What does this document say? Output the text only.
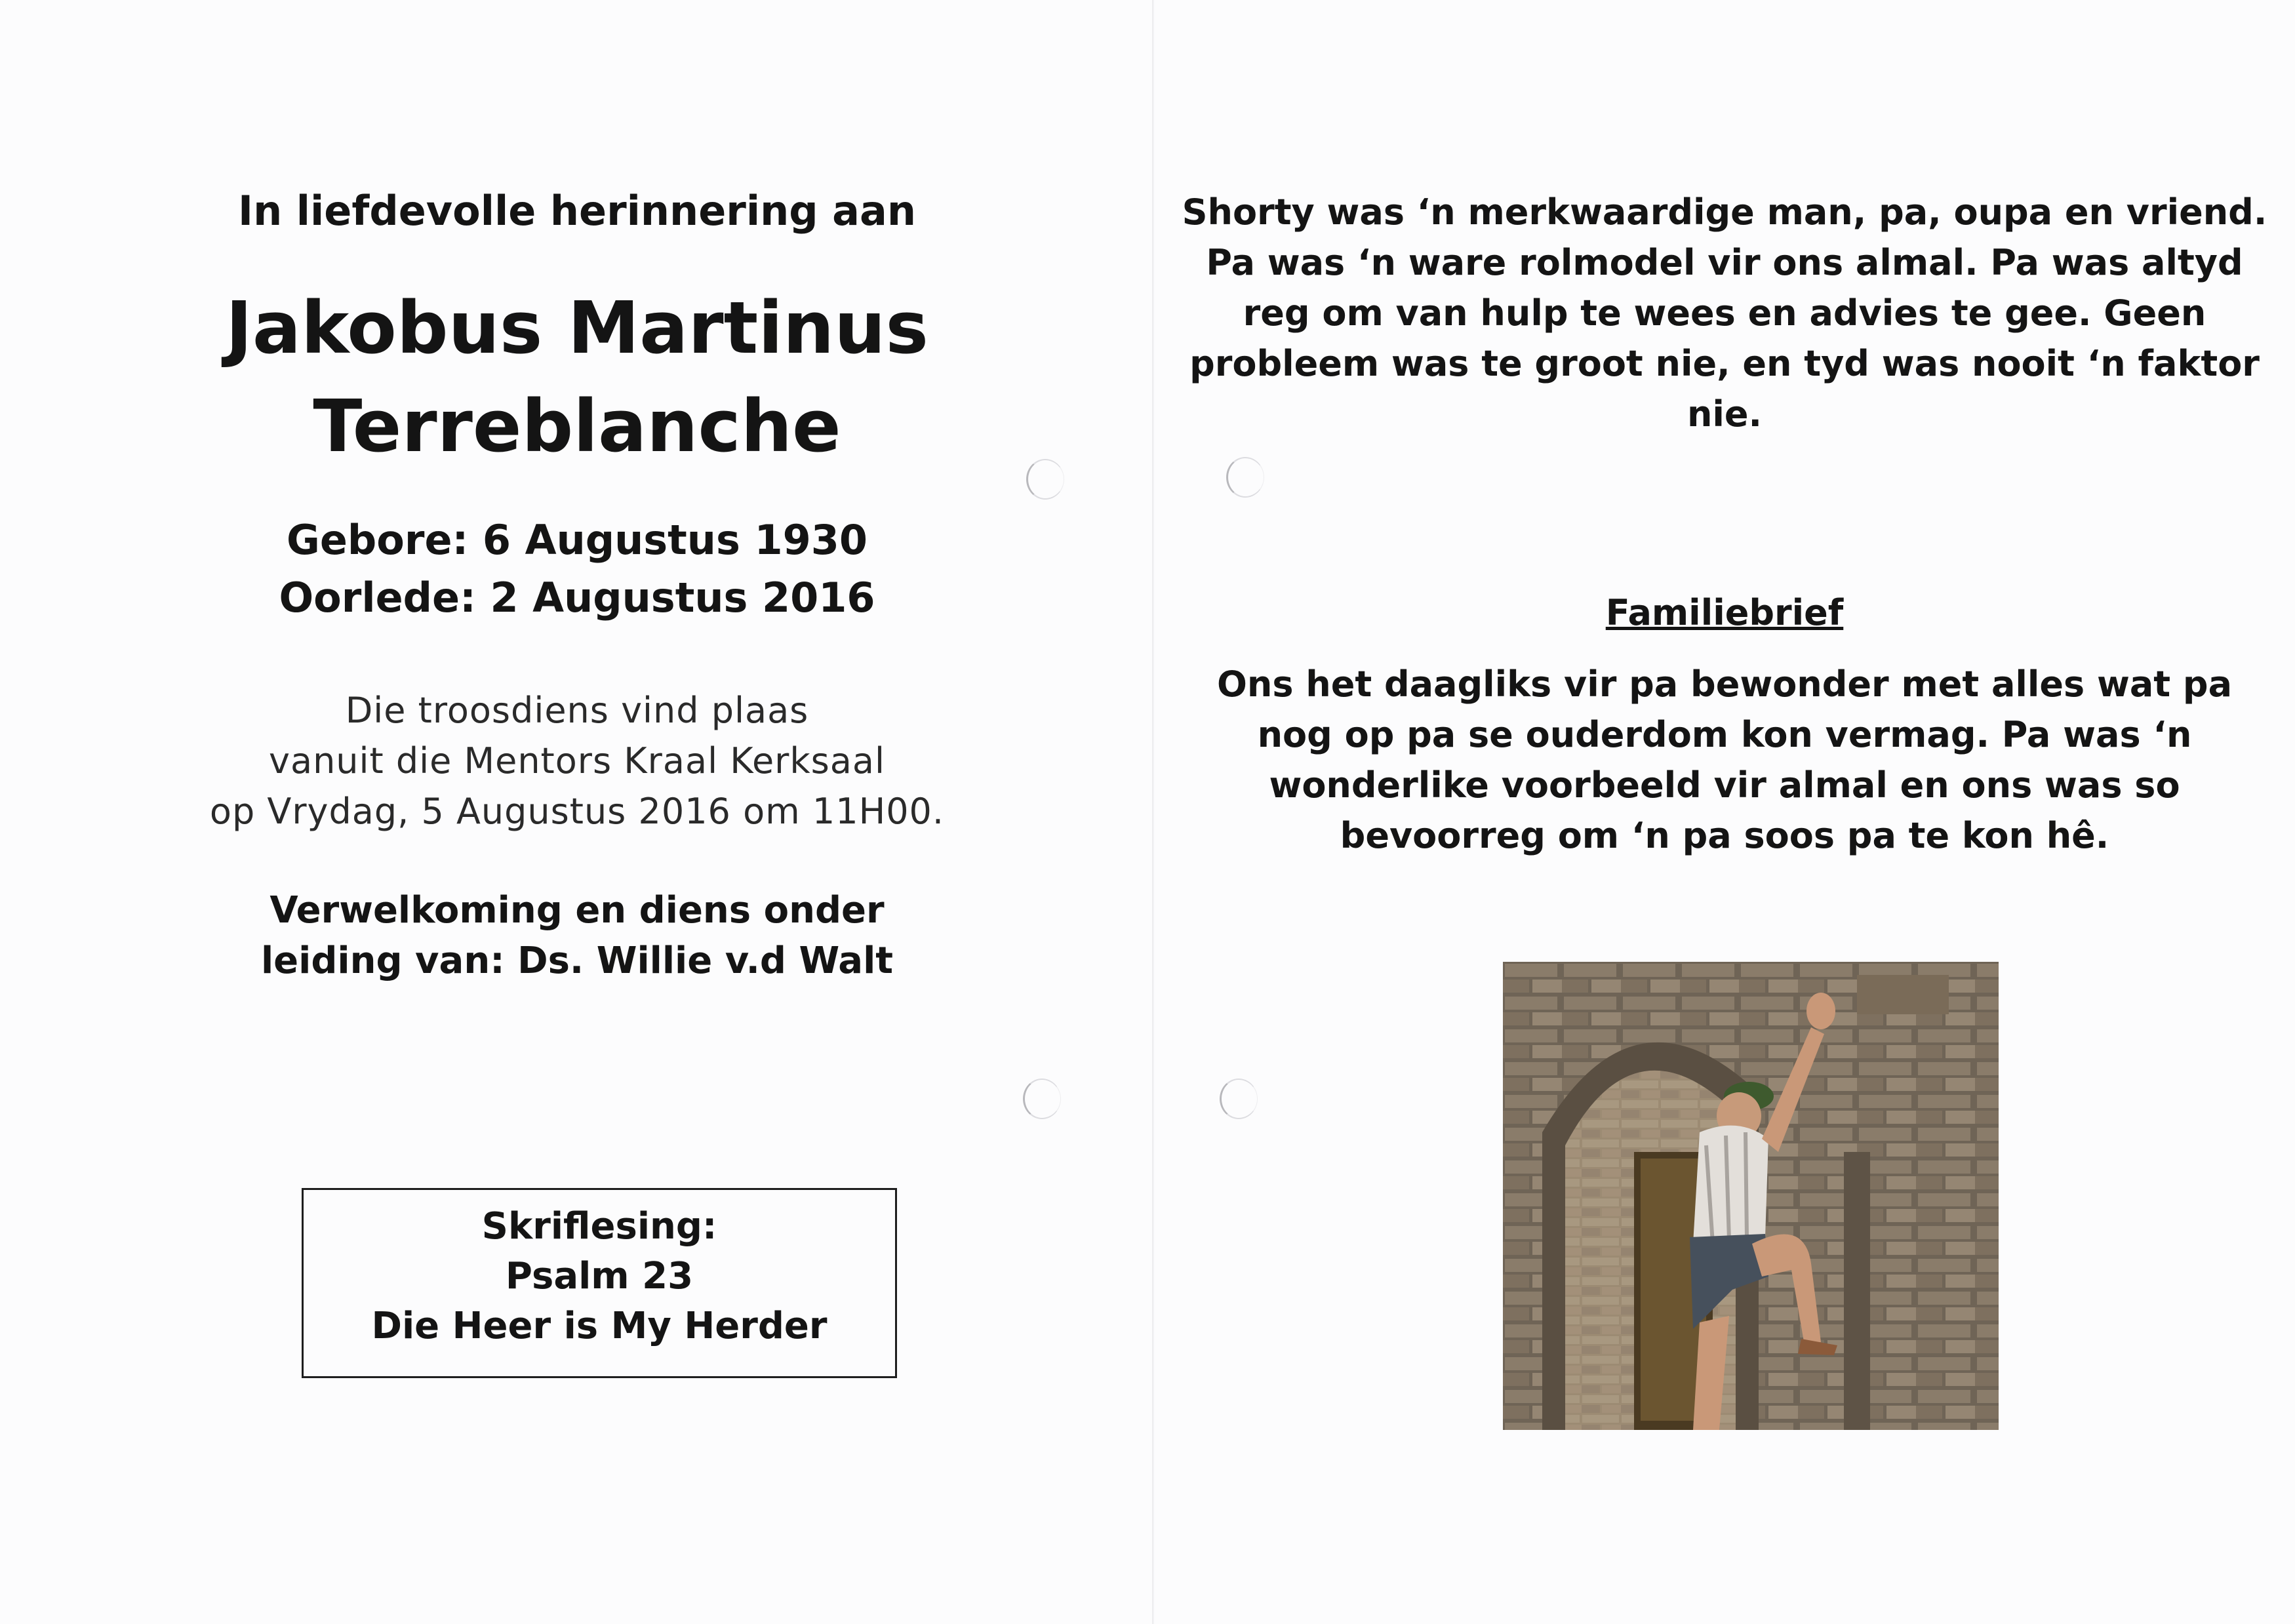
In liefdevolle herinnering aan
Jakobus Martinus
Terreblanche
Gebore: 6 Augustus 1930
Oorlede: 2 Augustus 2016
Die troosdiens vind plaas
vanuit die Mentors Kraal Kerksaal
op Vrydag, 5 Augustus 2016 om 11H00.
Verwelkoming en diens onder
leiding van: Ds. Willie v.d Walt
Skriflesing:
Psalm 23
Die Heer is My Herder
Shorty was ‘n merkwaardige man, pa, oupa en vriend.
Pa was ‘n ware rolmodel vir ons almal. Pa was altyd
reg om van hulp te wees en advies te gee. Geen
probleem was te groot nie, en tyd was nooit ‘n faktor
nie.
Familiebrief
Ons het daagliks vir pa bewonder met alles wat pa
nog op pa se ouderdom kon vermag. Pa was ‘n
wonderlike voorbeeld vir almal en ons was so
bevoorreg om ‘n pa soos pa te kon hê.
